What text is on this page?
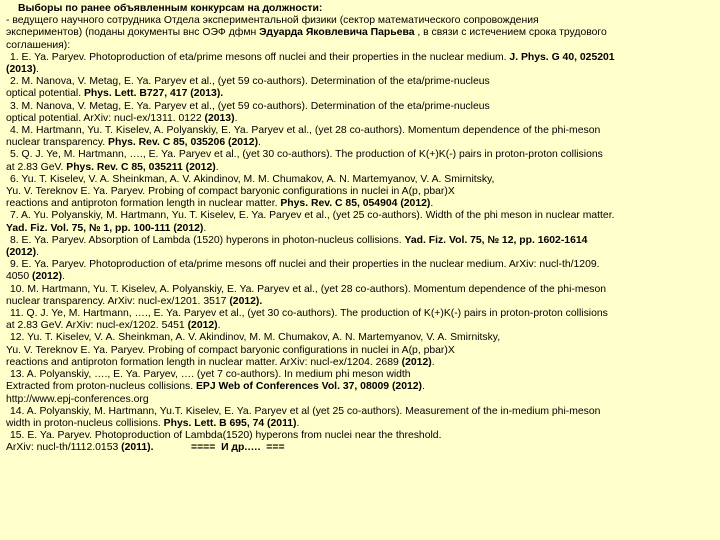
Выборы по ранее объявленным конкурсам на должности:
- ведущего научного сотрудника Отдела экспериментальной физики (сектор математического сопровождения
экспериментов) (поданы документы внс ОЭФ дфмн Эдуарда Яковлевича Парьева , в связи с истечением срока трудового
соглашения):
1. E. Ya. Paryev. Photoproduction of eta/prime mesons off nuclei and their properties in the nuclear medium. J. Phys. G 40, 025201
(2013).
2. M. Nanova, V. Metag, E. Ya. Paryev et al., (yet 59 co-authors). Determination of the eta/prime-nucleus
optical potential. Phys. Lett. B727, 417 (2013).
3. M. Nanova, V. Metag, E. Ya. Paryev et al., (yet 59 co-authors). Determination of the eta/prime-nucleus
optical potential. ArXiv: nucl-ex/1311. 0122 (2013).
4. M. Hartmann, Yu. T. Kiselev, A. Polyanskiy, E. Ya. Paryev et al., (yet 28 co-authors). Momentum dependence of the phi-meson
nuclear transparency. Phys. Rev. C 85, 035206 (2012).
5. Q. J. Ye, M. Hartmann, …., E. Ya. Paryev et al., (yet 30 co-authors). The production of K(+)K(-) pairs in proton-proton collisions
at 2.83 GeV. Phys. Rev. C 85, 035211 (2012).
6. Yu. T. Kiselev, V. A. Sheinkman, A. V. Akindinov, M. M. Chumakov, A. N. Martemyanov, V. A. Smirnitsky,
Yu. V. Tereknov E. Ya. Paryev. Probing of compact baryonic configurations in nuclei in A(p, pbar)X
reactions and antiproton formation length in nuclear matter. Phys. Rev. C 85, 054904 (2012).
7. A. Yu. Polyanskiy, M. Hartmann, Yu. T. Kiselev, E. Ya. Paryev et al., (yet 25 co-authors). Width of the phi meson in nuclear matter.
Yad. Fiz. Vol. 75, № 1, pp. 100-111 (2012).
8. E. Ya. Paryev. Absorption of Lambda (1520) hyperons in photon-nucleus collisions. Yad. Fiz. Vol. 75, № 12, pp. 1602-1614
(2012).
9. E. Ya. Paryev. Photoproduction of eta/prime mesons off nuclei and their properties in the nuclear medium. ArXiv: nucl-th/1209.
4050 (2012).
10. M. Hartmann, Yu. T. Kiselev, A. Polyanskiy, E. Ya. Paryev et al., (yet 28 co-authors). Momentum dependence of the phi-meson
nuclear transparency. ArXiv: nucl-ex/1201. 3517 (2012).
11. Q. J. Ye, M. Hartmann, …., E. Ya. Paryev et al., (yet 30 co-authors). The production of K(+)K(-) pairs in proton-proton collisions
at 2.83 GeV. ArXiv: nucl-ex/1202. 5451 (2012).
12. Yu. T. Kiselev, V. A. Sheinkman, A. V. Akindinov, M. M. Chumakov, A. N. Martemyanov, V. A. Smirnitsky,
Yu. V. Tereknov E. Ya. Paryev. Probing of compact baryonic configurations in nuclei in A(p, pbar)X
reactions and antiproton formation length in nuclear matter. ArXiv: nucl-ex/1204. 2689 (2012).
13. A. Polyanskiy, …., E. Ya. Paryev, …. (yet 7 co-authors). In medium phi meson width
Extracted from proton-nucleus collisions. EPJ Web of Conferences Vol. 37, 08009 (2012).
http://www.epj-conferences.org
14. A. Polyanskiy, M. Hartmann, Yu.T. Kiselev, E. Ya. Paryev et al (yet 25 co-authors). Measurement of the in-medium phi-meson
width in proton-nucleus collisions. Phys. Lett. B 695, 74 (2011).
15. E. Ya. Paryev. Photoproduction of Lambda(1520) hyperons from nuclei near the threshold.
ArXiv: nucl-th/1112.0153 (2011).             ====  И др.….  ===
